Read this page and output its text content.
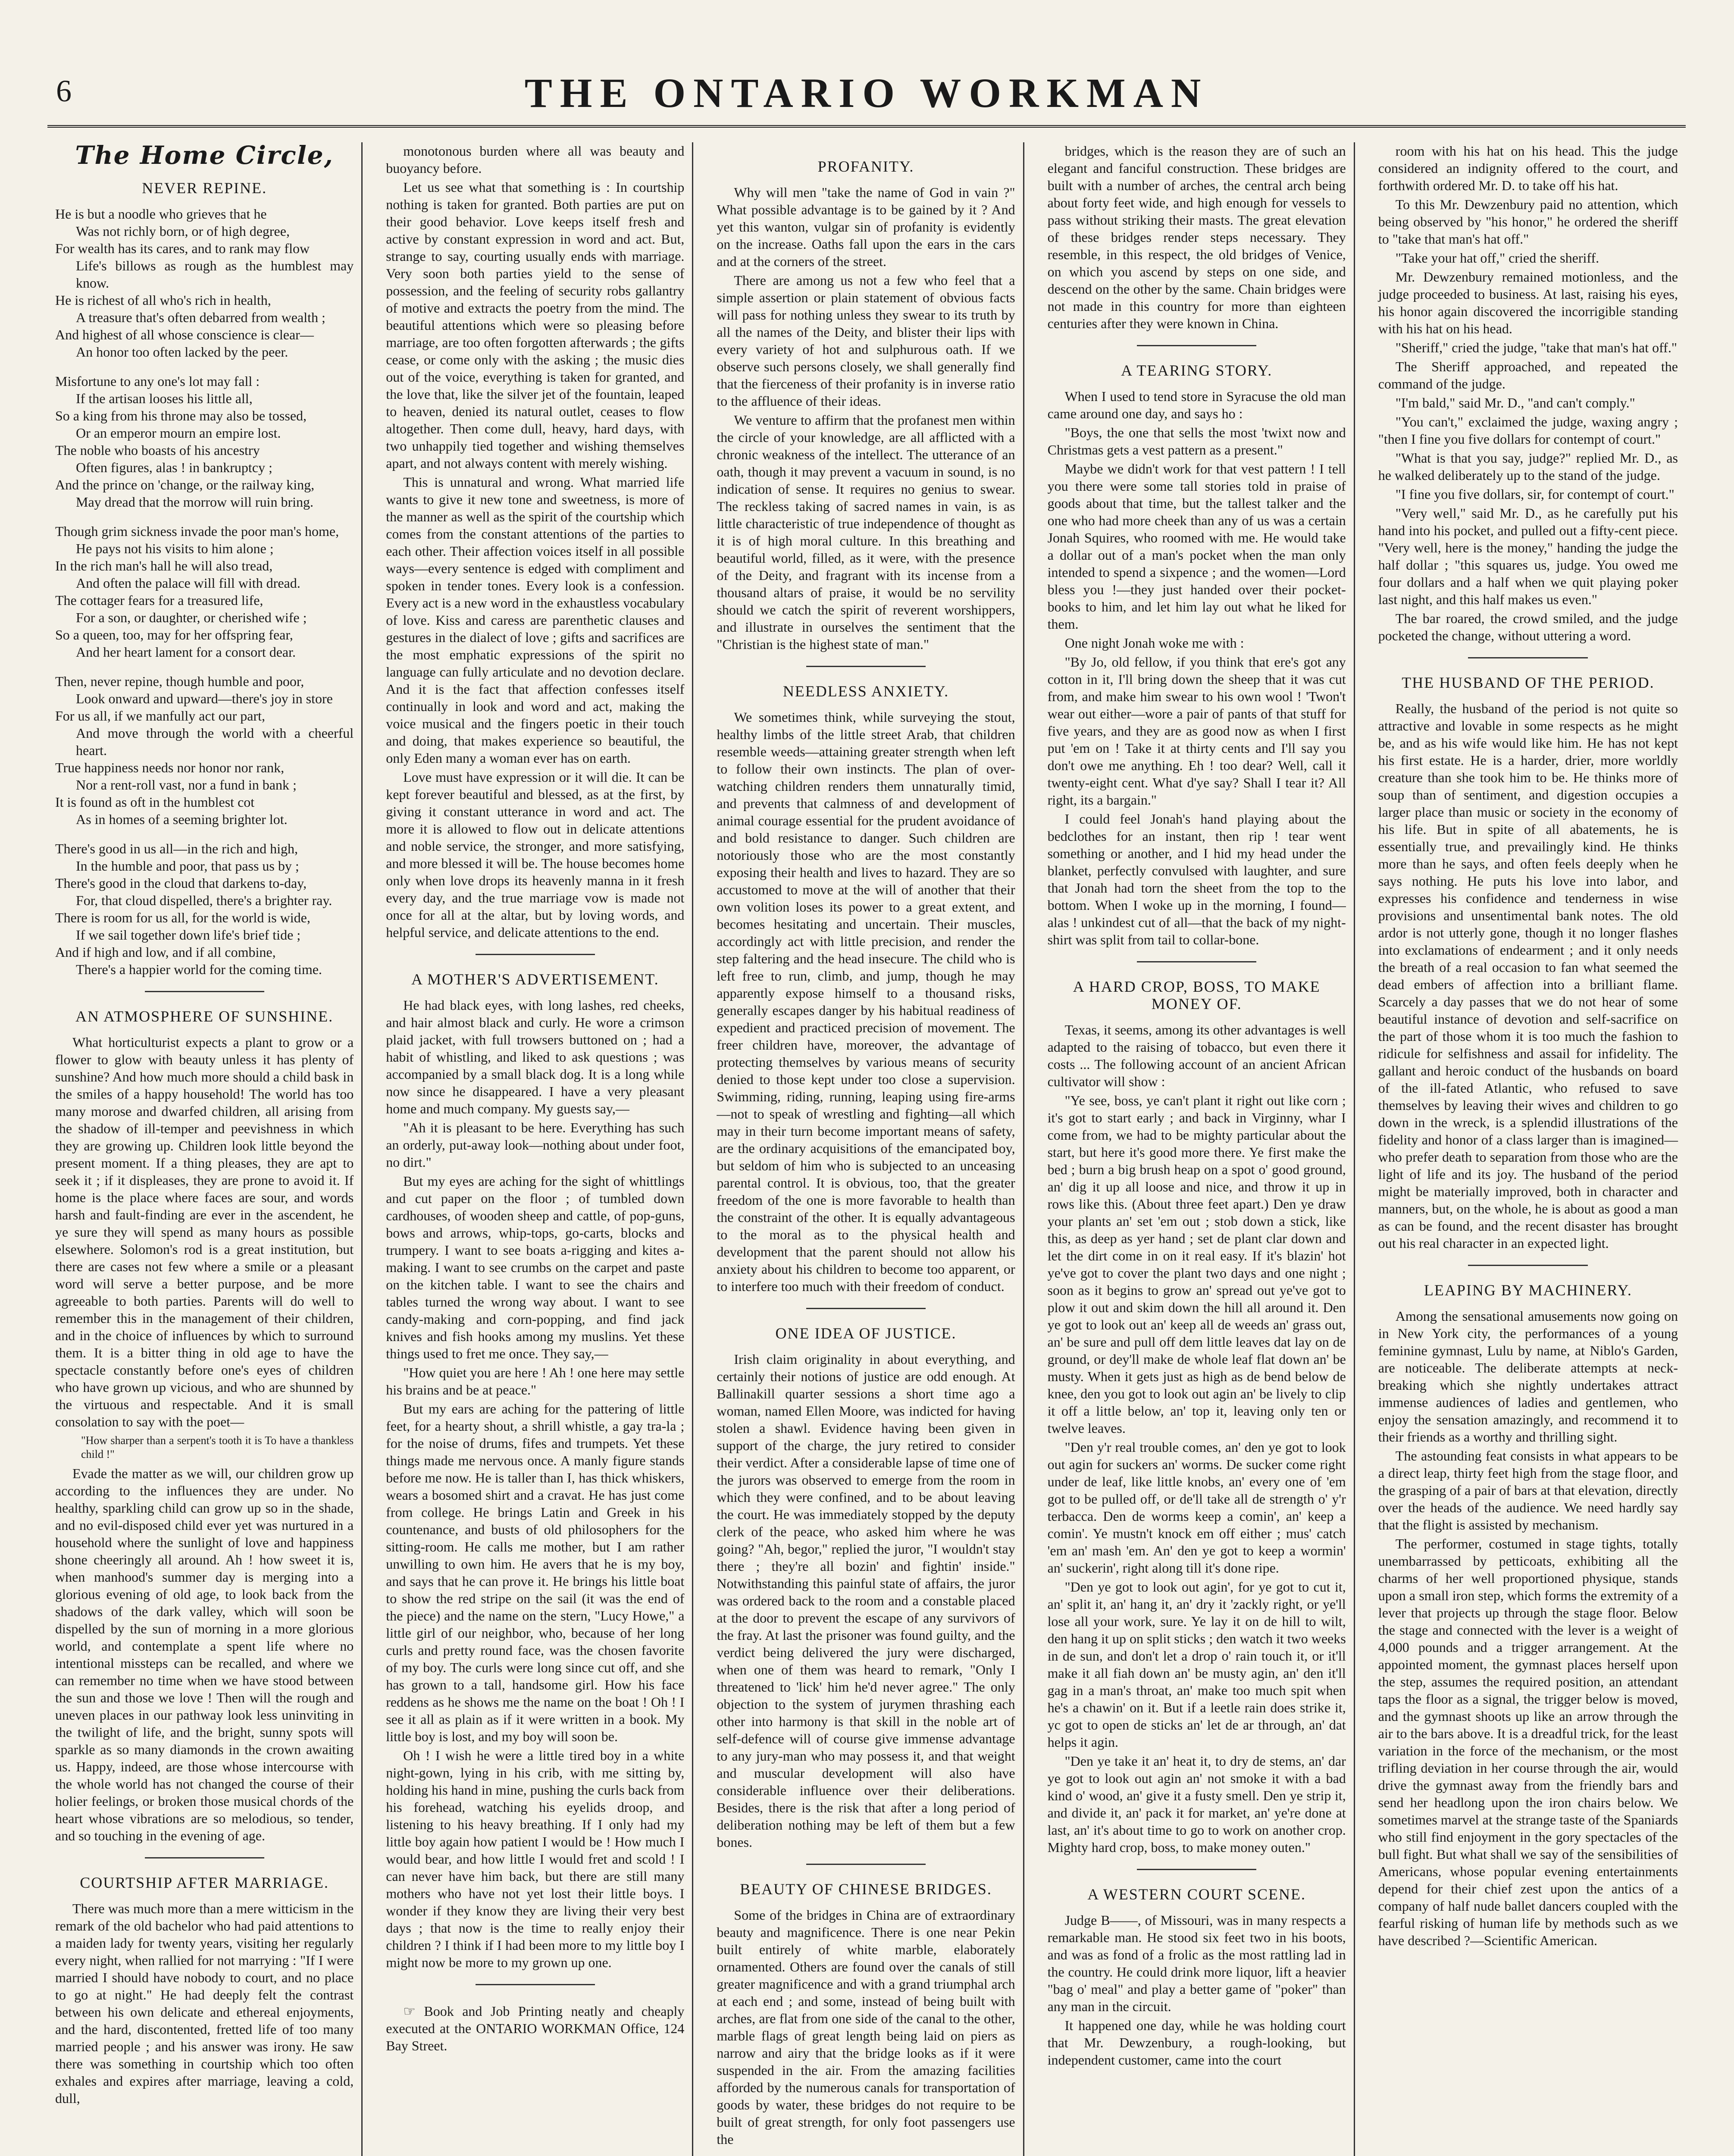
6	THE ONTARIO WORKMAN
The Home Circle,
NEVER REPINE.

He is but a noodle who grieves that he

Was not richly born, or of high degree,

For wealth has its cares, and to rank may flow

Life's billows as rough as the humblest may know.

He is richest of all who's rich in health,

A treasure that's often debarred from wealth ;

And highest of all whose conscience is clear—

An honor too often lacked by the peer.

Misfortune to any one's lot may fall :

If the artisan looses his little all,

So a king from his throne may also be tossed,

Or an emperor mourn an empire lost.

The noble who boasts of his ancestry

Often figures, alas ! in bankruptcy ;

And the prince on 'change, or the railway king,

May dread that the morrow will ruin bring.

Though grim sickness invade the poor man's home,

He pays not his visits to him alone ;

In the rich man's hall he will also tread,

And often the palace will fill with dread.

The cottager fears for a treasured life,

For a son, or daughter, or cherished wife ;

So a queen, too, may for her offspring fear,

And her heart lament for a consort dear.

Then, never repine, though humble and poor,

Look onward and upward—there's joy in store

For us all, if we manfully act our part,

And move through the world with a cheerful heart.

True happiness needs nor honor nor rank,

Nor a rent-roll vast, nor a fund in bank ;

It is found as oft in the humblest cot

As in homes of a seeming brighter lot.

There's good in us all—in the rich and high,

In the humble and poor, that pass us by ;

There's good in the cloud that darkens to-day,

For, that cloud dispelled, there's a brighter ray.

There is room for us all, for the world is wide,

If we sail together down life's brief tide ;

And if high and low, and if all combine,

There's a happier world for the coming time.

AN ATMOSPHERE OF SUNSHINE.

What horticulturist expects a plant to grow or a flower to glow with beauty unless it has plenty of sunshine? And how much more should a child bask in the smiles of a happy household! The world has too many morose and dwarfed children, all arising from the shadow of ill-temper and peevishness in which they are growing up. Children look little beyond the present moment. If a thing pleases, they are apt to seek it ; if it displeases, they are prone to avoid it. If home is the place where faces are sour, and words harsh and fault-finding are ever in the ascendent, he ye sure they will spend as many hours as possible elsewhere. Solomon's rod is a great institution, but there are cases not few where a smile or a pleasant word will serve a better purpose, and be more agreeable to both parties. Parents will do well to remember this in the management of their children, and in the choice of influences by which to surround them. It is a bitter thing in old age to have the spectacle constantly before one's eyes of children who have grown up vicious, and who are shunned by the virtuous and respectable. And it is small consolation to say with the poet—

"How sharper than a serpent's tooth it is To have a thankless child !"

Evade the matter as we will, our children grow up according to the influences they are under. No healthy, sparkling child can grow up so in the shade, and no evil-disposed child ever yet was nurtured in a household where the sunlight of love and happiness shone cheeringly all around. Ah ! how sweet it is, when manhood's summer day is merging into a glorious evening of old age, to look back from the shadows of the dark valley, which will soon be dispelled by the sun of morning in a more glorious world, and contemplate a spent life where no intentional missteps can be recalled, and where we can remember no time when we have stood between the sun and those we love ! Then will the rough and uneven places in our pathway look less uninviting in the twilight of life, and the bright, sunny spots will sparkle as so many diamonds in the crown awaiting us. Happy, indeed, are those whose intercourse with the whole world has not changed the course of their holier feelings, or broken those musical chords of the heart whose vibrations are so melodious, so tender, and so touching in the evening of age.

COURTSHIP AFTER MARRIAGE.

There was much more than a mere witticism in the remark of the old bachelor who had paid attentions to a maiden lady for twenty years, visiting her regularly every night, when rallied for not marrying : "If I were married I should have nobody to court, and no place to go at night." He had deeply felt the contrast between his own delicate and ethereal enjoyments, and the hard, discontented, fretted life of too many married people ; and his answer was irony. He saw there was something in courtship which too often exhales and expires after marriage, leaving a cold, dull,

monotonous burden where all was beauty and buoyancy before.

Let us see what that something is : In courtship nothing is taken for granted. Both parties are put on their good behavior. Love keeps itself fresh and active by constant expression in word and act. But, strange to say, courting usually ends with marriage. Very soon both parties yield to the sense of possession, and the feeling of security robs gallantry of motive and extracts the poetry from the mind. The beautiful attentions which were so pleasing before marriage, are too often forgotten afterwards ; the gifts cease, or come only with the asking ; the music dies out of the voice, everything is taken for granted, and the love that, like the silver jet of the fountain, leaped to heaven, denied its natural outlet, ceases to flow altogether. Then come dull, heavy, hard days, with two unhappily tied together and wishing themselves apart, and not always content with merely wishing.

This is unnatural and wrong. What married life wants to give it new tone and sweetness, is more of the manner as well as the spirit of the courtship which comes from the constant attentions of the parties to each other. Their affection voices itself in all possible ways—every sentence is edged with compliment and spoken in tender tones. Every look is a confession. Every act is a new word in the exhaustless vocabulary of love. Kiss and caress are parenthetic clauses and gestures in the dialect of love ; gifts and sacrifices are the most emphatic expressions of the spirit no language can fully articulate and no devotion declare. And it is the fact that affection confesses itself continually in look and word and act, making the voice musical and the fingers poetic in their touch and doing, that makes experience so beautiful, the only Eden many a woman ever has on earth.

Love must have expression or it will die. It can be kept forever beautiful and blessed, as at the first, by giving it constant utterance in word and act. The more it is allowed to flow out in delicate attentions and noble service, the stronger, and more satisfying, and more blessed it will be. The house becomes home only when love drops its heavenly manna in it fresh every day, and the true marriage vow is made not once for all at the altar, but by loving words, and helpful service, and delicate attentions to the end.

A MOTHER'S ADVERTISEMENT.

He had black eyes, with long lashes, red cheeks, and hair almost black and curly. He wore a crimson plaid jacket, with full trowsers buttoned on ; had a habit of whistling, and liked to ask questions ; was accompanied by a small black dog. It is a long while now since he disappeared. I have a very pleasant home and much company. My guests say,—

"Ah it is pleasant to be here. Everything has such an orderly, put-away look—nothing about under foot, no dirt."

But my eyes are aching for the sight of whittlings and cut paper on the floor ; of tumbled down cardhouses, of wooden sheep and cattle, of pop-guns, bows and arrows, whip-tops, go-carts, blocks and trumpery. I want to see boats a-rigging and kites a-making. I want to see crumbs on the carpet and paste on the kitchen table. I want to see the chairs and tables turned the wrong way about. I want to see candy-making and corn-popping, and find jack knives and fish hooks among my muslins. Yet these things used to fret me once. They say,—

"How quiet you are here ! Ah ! one here may settle his brains and be at peace."

But my ears are aching for the pattering of little feet, for a hearty shout, a shrill whistle, a gay tra-la ; for the noise of drums, fifes and trumpets. Yet these things made me nervous once. A manly figure stands before me now. He is taller than I, has thick whiskers, wears a bosomed shirt and a cravat. He has just come from college. He brings Latin and Greek in his countenance, and busts of old philosophers for the sitting-room. He calls me mother, but I am rather unwilling to own him. He avers that he is my boy, and says that he can prove it. He brings his little boat to show the red stripe on the sail (it was the end of the piece) and the name on the stern, "Lucy Howe," a little girl of our neighbor, who, because of her long curls and pretty round face, was the chosen favorite of my boy. The curls were long since cut off, and she has grown to a tall, handsome girl. How his face reddens as he shows me the name on the boat ! Oh ! I see it all as plain as if it were written in a book. My little boy is lost, and my boy will soon be.

Oh ! I wish he were a little tired boy in a white night-gown, lying in his crib, with me sitting by, holding his hand in mine, pushing the curls back from his forehead, watching his eyelids droop, and listening to his heavy breathing. If I only had my little boy again how patient I would be ! How much I would bear, and how little I would fret and scold ! I can never have him back, but there are still many mothers who have not yet lost their little boys. I wonder if they know they are living their very best days ; that now is the time to really enjoy their children ? I think if I had been more to my little boy I might now be more to my grown up one.

☞ Book and Job Printing neatly and cheaply executed at the ONTARIO WORKMAN Office, 124 Bay Street.

PROFANITY.

Why will men "take the name of God in vain ?" What possible advantage is to be gained by it ? And yet this wanton, vulgar sin of profanity is evidently on the increase. Oaths fall upon the ears in the cars and at the corners of the street.

There are among us not a few who feel that a simple assertion or plain statement of obvious facts will pass for nothing unless they swear to its truth by all the names of the Deity, and blister their lips with every variety of hot and sulphurous oath. If we observe such persons closely, we shall generally find that the fierceness of their profanity is in inverse ratio to the affluence of their ideas.

We venture to affirm that the profanest men within the circle of your knowledge, are all afflicted with a chronic weakness of the intellect. The utterance of an oath, though it may prevent a vacuum in sound, is no indication of sense. It requires no genius to swear. The reckless taking of sacred names in vain, is as little characteristic of true independence of thought as it is of high moral culture. In this breathing and beautiful world, filled, as it were, with the presence of the Deity, and fragrant with its incense from a thousand altars of praise, it would be no servility should we catch the spirit of reverent worshippers, and illustrate in ourselves the sentiment that the "Christian is the highest state of man."

NEEDLESS ANXIETY.

We sometimes think, while surveying the stout, healthy limbs of the little street Arab, that children resemble weeds—attaining greater strength when left to follow their own instincts. The plan of over-watching children renders them unnaturally timid, and prevents that calmness of and development of animal courage essential for the prudent avoidance of and bold resistance to danger. Such children are notoriously those who are the most constantly exposing their health and lives to hazard. They are so accustomed to move at the will of another that their own volition loses its power to a great extent, and becomes hesitating and uncertain. Their muscles, accordingly act with little precision, and render the step faltering and the head insecure. The child who is left free to run, climb, and jump, though he may apparently expose himself to a thousand risks, generally escapes danger by his habitual readiness of expedient and practiced precision of movement. The freer children have, moreover, the advantage of protecting themselves by various means of security denied to those kept under too close a supervision. Swimming, riding, running, leaping using fire-arms—not to speak of wrestling and fighting—all which may in their turn become important means of safety, are the ordinary acquisitions of the emancipated boy, but seldom of him who is subjected to an unceasing parental control. It is obvious, too, that the greater freedom of the one is more favorable to health than the constraint of the other. It is equally advantageous to the moral as to the physical health and development that the parent should not allow his anxiety about his children to become too apparent, or to interfere too much with their freedom of conduct.

ONE IDEA OF JUSTICE.

Irish claim originality in about everything, and certainly their notions of justice are odd enough. At Ballinakill quarter sessions a short time ago a woman, named Ellen Moore, was indicted for having stolen a shawl. Evidence having been given in support of the charge, the jury retired to consider their verdict. After a considerable lapse of time one of the jurors was observed to emerge from the room in which they were confined, and to be about leaving the court. He was immediately stopped by the deputy clerk of the peace, who asked him where he was going? "Ah, begor," replied the juror, "I wouldn't stay there ; they're all bozin' and fightin' inside." Notwithstanding this painful state of affairs, the juror was ordered back to the room and a constable placed at the door to prevent the escape of any survivors of the fray. At last the prisoner was found guilty, and the verdict being delivered the jury were discharged, when one of them was heard to remark, "Only I threatened to 'lick' him he'd never agree." The only objection to the system of jurymen thrashing each other into harmony is that skill in the noble art of self-defence will of course give immense advantage to any jury-man who may possess it, and that weight and muscular development will also have considerable influence over their deliberations. Besides, there is the risk that after a long period of deliberation nothing may be left of them but a few bones.

BEAUTY OF CHINESE BRIDGES.

Some of the bridges in China are of extraordinary beauty and magnificence. There is one near Pekin built entirely of white marble, elaborately ornamented. Others are found over the canals of still greater magnificence and with a grand triumphal arch at each end ; and some, instead of being built with arches, are flat from one side of the canal to the other, marble flags of great length being laid on piers as narrow and airy that the bridge looks as if it were suspended in the air. From the amazing facilities afforded by the numerous canals for transportation of goods by water, these bridges do not require to be built of great strength, for only foot passengers use the

bridges, which is the reason they are of such an elegant and fanciful construction. These bridges are built with a number of arches, the central arch being about forty feet wide, and high enough for vessels to pass without striking their masts. The great elevation of these bridges render steps necessary. They resemble, in this respect, the old bridges of Venice, on which you ascend by steps on one side, and descend on the other by the same. Chain bridges were not made in this country for more than eighteen centuries after they were known in China.

A TEARING STORY.

When I used to tend store in Syracuse the old man came around one day, and says ho :

"Boys, the one that sells the most 'twixt now and Christmas gets a vest pattern as a present."

Maybe we didn't work for that vest pattern ! I tell you there were some tall stories told in praise of goods about that time, but the tallest talker and the one who had more cheek than any of us was a certain Jonah Squires, who roomed with me. He would take a dollar out of a man's pocket when the man only intended to spend a sixpence ; and the women—Lord bless you !—they just handed over their pocket-books to him, and let him lay out what he liked for them.

One night Jonah woke me with :

"By Jo, old fellow, if you think that ere's got any cotton in it, I'll bring down the sheep that it was cut from, and make him swear to his own wool ! 'Twon't wear out either—wore a pair of pants of that stuff for five years, and they are as good now as when I first put 'em on ! Take it at thirty cents and I'll say you don't owe me anything. Eh ! too dear? Well, call it twenty-eight cent. What d'ye say? Shall I tear it? All right, its a bargain."

I could feel Jonah's hand playing about the bedclothes for an instant, then rip ! tear went something or another, and I hid my head under the blanket, perfectly convulsed with laughter, and sure that Jonah had torn the sheet from the top to the bottom. When I woke up in the morning, I found—alas ! unkindest cut of all—that the back of my night-shirt was split from tail to collar-bone.

A HARD CROP, BOSS, TO MAKE MONEY OF.

Texas, it seems, among its other advantages is well adapted to the raising of tobacco, but even there it costs ... The following account of an ancient African cultivator will show :

"Ye see, boss, ye can't plant it right out like corn ; it's got to start early ; and back in Virginny, whar I come from, we had to be mighty particular about the start, but here it's good more there. Ye first make the bed ; burn a big brush heap on a spot o' good ground, an' dig it up all loose and nice, and throw it up in rows like this. (About three feet apart.) Den ye draw your plants an' set 'em out ; stob down a stick, like this, as deep as yer hand ; set de plant clar down and let the dirt come in on it real easy. If it's blazin' hot ye've got to cover the plant two days and one night ; soon as it begins to grow an' spread out ye've got to plow it out and skim down the hill all around it. Den ye got to look out an' keep all de weeds an' grass out, an' be sure and pull off dem little leaves dat lay on de ground, or dey'll make de whole leaf flat down an' be musty. When it gets just as high as de bend below de knee, den you got to look out agin an' be lively to clip it off a little below, an' top it, leaving only ten or twelve leaves.

"Den y'r real trouble comes, an' den ye got to look out agin for suckers an' worms. De sucker come right under de leaf, like little knobs, an' every one of 'em got to be pulled off, or de'll take all de strength o' y'r terbacca. Den de worms keep a comin', an' keep a comin'. Ye mustn't knock em off either ; mus' catch 'em an' mash 'em. An' den ye got to keep a wormin' an' suckerin', right along till it's done ripe.

"Den ye got to look out agin', for ye got to cut it, an' split it, an' hang it, an' dry it 'zackly right, or ye'll lose all your work, sure. Ye lay it on de hill to wilt, den hang it up on split sticks ; den watch it two weeks in de sun, and don't let a drop o' rain touch it, or it'll make it all fiah down an' be musty agin, an' den it'll gag in a man's throat, an' make too much spit when he's a chawin' on it. But if a leetle rain does strike it, yc got to open de sticks an' let de ar through, an' dat helps it agin.

"Den ye take it an' heat it, to dry de stems, an' dar ye got to look out agin an' not smoke it with a bad kind o' wood, an' give it a fusty smell. Den ye strip it, and divide it, an' pack it for market, an' ye're done at last, an' it's about time to go to work on another crop. Mighty hard crop, boss, to make money outen."

A WESTERN COURT SCENE.

Judge B——, of Missouri, was in many respects a remarkable man. He stood six feet two in his boots, and was as fond of a frolic as the most rattling lad in the country. He could drink more liquor, lift a heavier "bag o' meal" and play a better game of "poker" than any man in the circuit.

It happened one day, while he was holding court that Mr. Dewzenbury, a rough-looking, but independent customer, came into the court

room with his hat on his head. This the judge considered an indignity offered to the court, and forthwith ordered Mr. D. to take off his hat.

To this Mr. Dewzenbury paid no attention, which being observed by "his honor," he ordered the sheriff to "take that man's hat off."

"Take your hat off," cried the sheriff.

Mr. Dewzenbury remained motionless, and the judge proceeded to business. At last, raising his eyes, his honor again discovered the incorrigible standing with his hat on his head.

"Sheriff," cried the judge, "take that man's hat off."

The Sheriff approached, and repeated the command of the judge.

"I'm bald," said Mr. D., "and can't comply."

"You can't," exclaimed the judge, waxing angry ; "then I fine you five dollars for contempt of court."

"What is that you say, judge?" replied Mr. D., as he walked deliberately up to the stand of the judge.

"I fine you five dollars, sir, for contempt of court."

"Very well," said Mr. D., as he carefully put his hand into his pocket, and pulled out a fifty-cent piece. "Very well, here is the money," handing the judge the half dollar ; "this squares us, judge. You owed me four dollars and a half when we quit playing poker last night, and this half makes us even."

The bar roared, the crowd smiled, and the judge pocketed the change, without uttering a word.

THE HUSBAND OF THE PERIOD.

Really, the husband of the period is not quite so attractive and lovable in some respects as he might be, and as his wife would like him. He has not kept his first estate. He is a harder, drier, more worldly creature than she took him to be. He thinks more of soup than of sentiment, and digestion occupies a larger place than music or society in the economy of his life. But in spite of all abatements, he is essentially true, and prevailingly kind. He thinks more than he says, and often feels deeply when he says nothing. He puts his love into labor, and expresses his confidence and tenderness in wise provisions and unsentimental bank notes. The old ardor is not utterly gone, though it no longer flashes into exclamations of endearment ; and it only needs the breath of a real occasion to fan what seemed the dead embers of affection into a brilliant flame. Scarcely a day passes that we do not hear of some beautiful instance of devotion and self-sacrifice on the part of those whom it is too much the fashion to ridicule for selfishness and assail for infidelity. The gallant and heroic conduct of the husbands on board of the ill-fated Atlantic, who refused to save themselves by leaving their wives and children to go down in the wreck, is a splendid illustrations of the fidelity and honor of a class larger than is imagined—who prefer death to separation from those who are the light of life and its joy. The husband of the period might be materially improved, both in character and manners, but, on the whole, he is about as good a man as can be found, and the recent disaster has brought out his real character in an expected light.

LEAPING BY MACHINERY.

Among the sensational amusements now going on in New York city, the performances of a young feminine gymnast, Lulu by name, at Niblo's Garden, are noticeable. The deliberate attempts at neck-breaking which she nightly undertakes attract immense audiences of ladies and gentlemen, who enjoy the sensation amazingly, and recommend it to their friends as a worthy and thrilling sight.

The astounding feat consists in what appears to be a direct leap, thirty feet high from the stage floor, and the grasping of a pair of bars at that elevation, directly over the heads of the audience. We need hardly say that the flight is assisted by mechanism.

The performer, costumed in stage tights, totally unembarrassed by petticoats, exhibiting all the charms of her well proportioned physique, stands upon a small iron step, which forms the extremity of a lever that projects up through the stage floor. Below the stage and connected with the lever is a weight of 4,000 pounds and a trigger arrangement. At the appointed moment, the gymnast places herself upon the step, assumes the required position, an attendant taps the floor as a signal, the trigger below is moved, and the gymnast shoots up like an arrow through the air to the bars above. It is a dreadful trick, for the least variation in the force of the mechanism, or the most trifling deviation in her course through the air, would drive the gymnast away from the friendly bars and send her headlong upon the iron chairs below. We sometimes marvel at the strange taste of the Spaniards who still find enjoyment in the gory spectacles of the bull fight. But what shall we say of the sensibilities of Americans, whose popular evening entertainments depend for their chief zest upon the antics of a company of half nude ballet dancers coupled with the fearful risking of human life by methods such as we have described ?—Scientific American.
